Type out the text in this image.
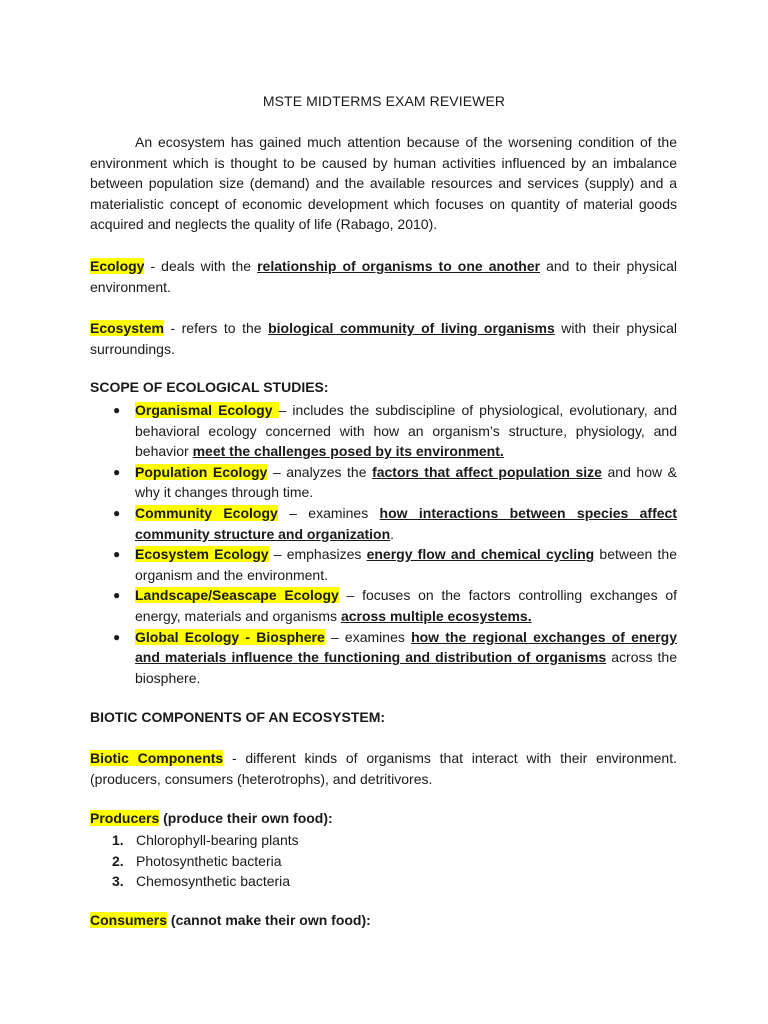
MSTE MIDTERMS EXAM REVIEWER
An ecosystem has gained much attention because of the worsening condition of the environment which is thought to be caused by human activities influenced by an imbalance between population size (demand) and the available resources and services (supply) and a materialistic concept of economic development which focuses on quantity of material goods acquired and neglects the quality of life (Rabago, 2010).
Ecology - deals with the relationship of organisms to one another and to their physical environment.
Ecosystem - refers to the biological community of living organisms with their physical surroundings.
SCOPE OF ECOLOGICAL STUDIES:
● Organismal Ecology – includes the subdiscipline of physiological, evolutionary, and behavioral ecology concerned with how an organism’s structure, physiology, and behavior meet the challenges posed by its environment.
● Population Ecology – analyzes the factors that affect population size and how & why it changes through time.
● Community Ecology – examines how interactions between species affect community structure and organization.
● Ecosystem Ecology – emphasizes energy flow and chemical cycling between the organism and the environment.
● Landscape/Seascape Ecology – focuses on the factors controlling exchanges of energy, materials and organisms across multiple ecosystems.
● Global Ecology - Biosphere – examines how the regional exchanges of energy and materials influence the functioning and distribution of organisms across the biosphere.
BIOTIC COMPONENTS OF AN ECOSYSTEM:
Biotic Components - different kinds of organisms that interact with their environment. (producers, consumers (heterotrophs), and detritivores.
Producers (produce their own food):
1. Chlorophyll-bearing plants
2. Photosynthetic bacteria
3. Chemosynthetic bacteria
Consumers (cannot make their own food):
